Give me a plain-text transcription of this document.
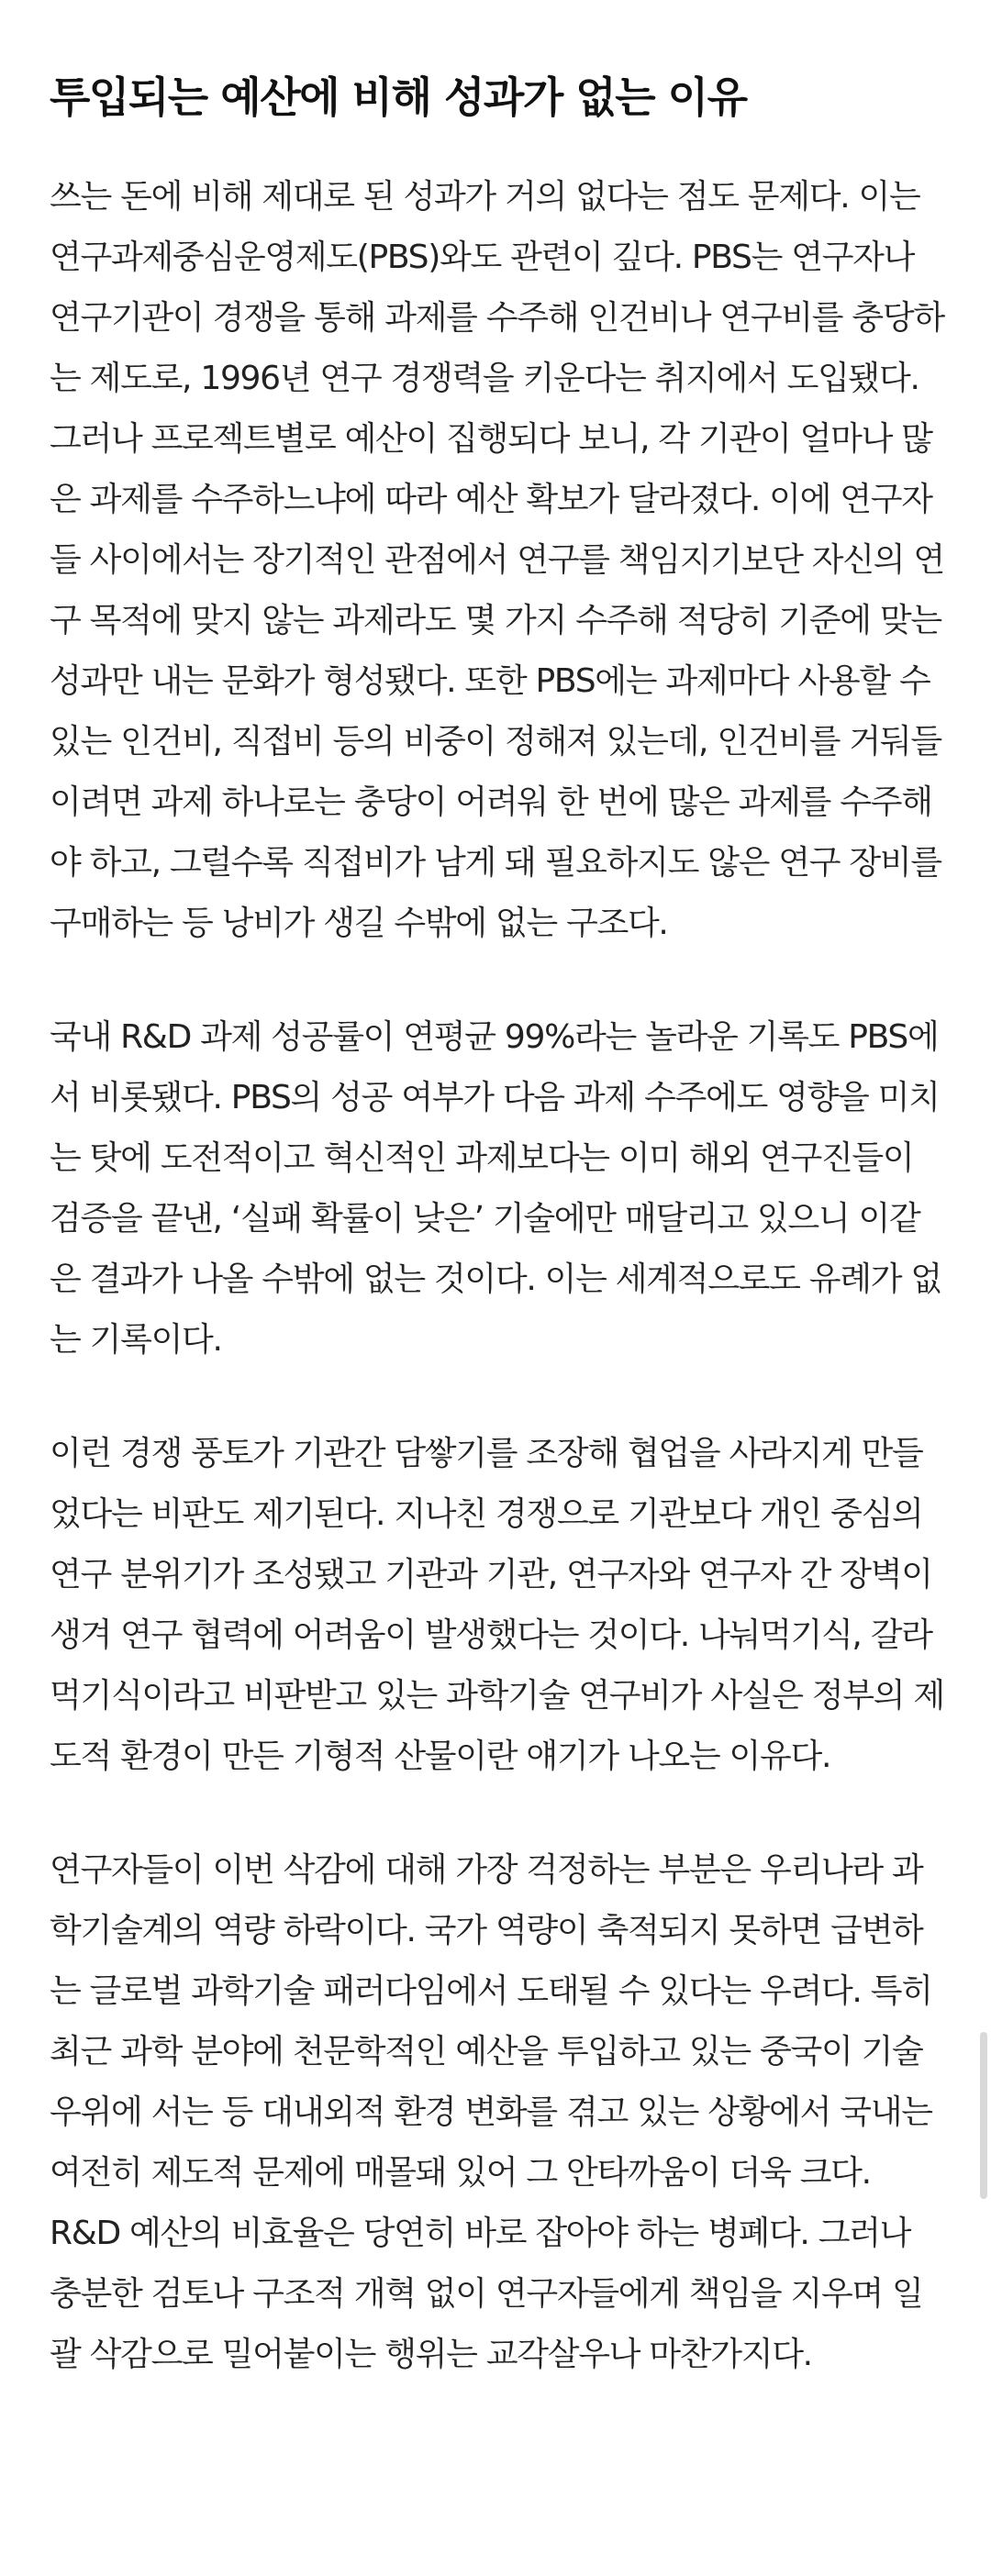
투입되는 예산에 비해 성과가 없는 이유

쓰는 돈에 비해 제대로 된 성과가 거의 없다는 점도 문제다. 이는 연구과제중심운영제도(PBS)와도 관련이 깊다. PBS는 연구자나 연구기관이 경쟁을 통해 과제를 수주해 인건비나 연구비를 충당하는 제도로, 1996년 연구 경쟁력을 키운다는 취지에서 도입됐다. 그러나 프로젝트별로 예산이 집행되다 보니, 각 기관이 얼마나 많은 과제를 수주하느냐에 따라 예산 확보가 달라졌다. 이에 연구자들 사이에서는 장기적인 관점에서 연구를 책임지기보단 자신의 연구 목적에 맞지 않는 과제라도 몇 가지 수주해 적당히 기준에 맞는 성과만 내는 문화가 형성됐다. 또한 PBS에는 과제마다 사용할 수 있는 인건비, 직접비 등의 비중이 정해져 있는데, 인건비를 거둬들이려면 과제 하나로는 충당이 어려워 한 번에 많은 과제를 수주해야 하고, 그럴수록 직접비가 남게 돼 필요하지도 않은 연구 장비를 구매하는 등 낭비가 생길 수밖에 없는 구조다.

국내 R&D 과제 성공률이 연평균 99%라는 놀라운 기록도 PBS에서 비롯됐다. PBS의 성공 여부가 다음 과제 수주에도 영향을 미치는 탓에 도전적이고 혁신적인 과제보다는 이미 해외 연구진들이 검증을 끝낸, ‘실패 확률이 낮은’ 기술에만 매달리고 있으니 이같은 결과가 나올 수밖에 없는 것이다. 이는 세계적으로도 유례가 없는 기록이다.

이런 경쟁 풍토가 기관간 담쌓기를 조장해 협업을 사라지게 만들었다는 비판도 제기된다. 지나친 경쟁으로 기관보다 개인 중심의 연구 분위기가 조성됐고 기관과 기관, 연구자와 연구자 간 장벽이 생겨 연구 협력에 어려움이 발생했다는 것이다. 나눠먹기식, 갈라먹기식이라고 비판받고 있는 과학기술 연구비가 사실은 정부의 제도적 환경이 만든 기형적 산물이란 얘기가 나오는 이유다.

연구자들이 이번 삭감에 대해 가장 걱정하는 부분은 우리나라 과학기술계의 역량 하락이다. 국가 역량이 축적되지 못하면 급변하는 글로벌 과학기술 패러다임에서 도태될 수 있다는 우려다. 특히 최근 과학 분야에 천문학적인 예산을 투입하고 있는 중국이 기술 우위에 서는 등 대내외적 환경 변화를 겪고 있는 상황에서 국내는 여전히 제도적 문제에 매몰돼 있어 그 안타까움이 더욱 크다. R&D 예산의 비효율은 당연히 바로 잡아야 하는 병폐다. 그러나 충분한 검토나 구조적 개혁 없이 연구자들에게 책임을 지우며 일괄 삭감으로 밀어붙이는 행위는 교각살우나 마찬가지다.
